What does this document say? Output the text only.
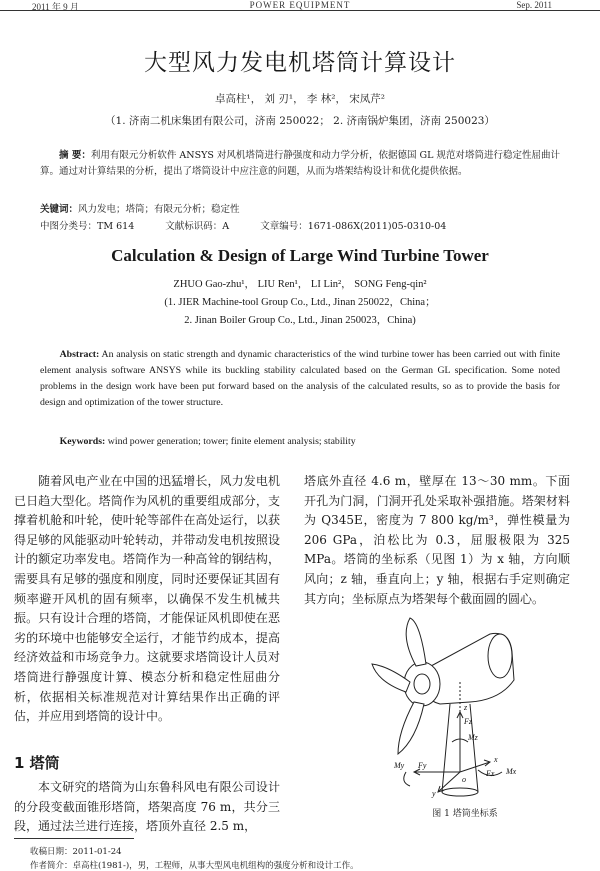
2011 年 9 月	POWER EQUIPMENT	Sep. 2011
大型风力发电机塔筒计算设计
卓高柱¹， 刘 刃¹， 李 林²， 宋凤芹²
（1. 济南二机床集团有限公司，济南 250022； 2. 济南锅炉集团，济南 250023）
摘 要：利用有限元分析软件 ANSYS 对风机塔筒进行静强度和动力学分析，依据德国 GL 规范对塔筒进行稳定性屈曲计算。通过对计算结果的分析，提出了塔筒设计中应注意的问题，从而为塔架结构设计和优化提供依据。
关键词：风力发电；塔筒；有限元分析；稳定性
中图分类号：TM 614	文献标识码：A	文章编号：1671-086X(2011)05-0310-04
Calculation & Design of Large Wind Turbine Tower
ZHUO Gao-zhu¹， LIU Ren¹， LI Lin²， SONG Feng-qin²
(1. JIER Machine-tool Group Co., Ltd., Jinan 250022，China；
2. Jinan Boiler Group Co., Ltd., Jinan 250023，China)
Abstract: An analysis on static strength and dynamic characteristics of the wind turbine tower has been carried out with finite element analysis software ANSYS while its buckling stability calculated based on the German GL specification. Some noted problems in the design work have been put forward based on the analysis of the calculated results, so as to provide the basis for design and optimization of the tower structure.
Keywords: wind power generation; tower; finite element analysis; stability

随着风电产业在中国的迅猛增长，风力发电机已日趋大型化。塔筒作为风机的重要组成部分，支撑着机舱和叶轮，使叶轮等部件在高处运行，以获得足够的风能驱动叶轮转动，并带动发电机按照设计的额定功率发电。塔筒作为一种高耸的钢结构，需要具有足够的强度和刚度，同时还要保证其固有频率避开风机的固有频率，以确保不发生机械共振。只有设计合理的塔筒，才能保证风机即使在恶劣的环境中也能够安全运行，才能节约成本，提高经济效益和市场竞争力。这就要求塔筒设计人员对塔筒进行静强度计算、模态分析和稳定性屈曲分析，依据相关标准规范对计算结果作出正确的评估，并应用到塔筒的设计中。

1 塔筒

本文研究的塔筒为山东鲁科风电有限公司设计的分段变截面锥形塔筒，塔架高度 76 m，共分三段，通过法兰进行连接，塔顶外直径 2.5 m，

塔底外直径 4.6 m，壁厚在 13～30 mm。下面开孔为门洞，门洞开孔处采取补强措施。塔架材料为 Q345E，密度为 7 800 kg/m³，弹性模量为 206 GPa，泊松比为 0.3，屈服极限为 325 MPa。塔筒的坐标系（见图 1）为 x 轴，方向顺风向；z 轴，垂直向上；y 轴，根据右手定则确定其方向；坐标原点为塔架每个截面圆的圆心。

Mz
Fz
My Fy
Fx Mx
x
y
z
o
图 1 塔筒坐标系
收稿日期：2011-01-24
作者简介：卓高柱(1981-)，男，工程师，从事大型风电机组构的强度分析和设计工作。
